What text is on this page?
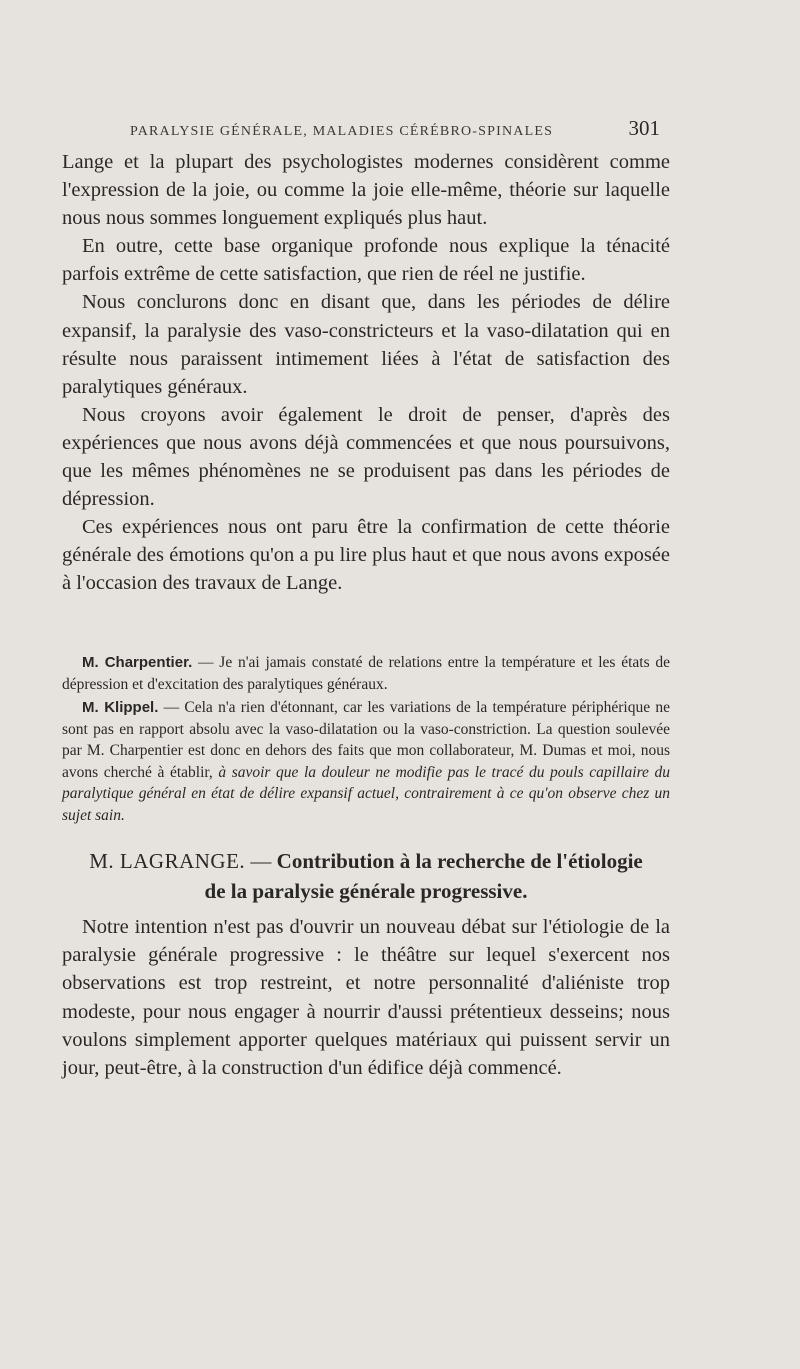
PARALYSIE GÉNÉRALE, MALADIES CÉRÉBRO-SPINALES	301

Lange et la plupart des psychologistes modernes considèrent comme l'expression de la joie, ou comme la joie elle-même, théorie sur laquelle nous nous sommes longuement expliqués plus haut.

En outre, cette base organique profonde nous explique la ténacité parfois extrême de cette satisfaction, que rien de réel ne justifie.

Nous conclurons donc en disant que, dans les périodes de délire expansif, la paralysie des vaso-constricteurs et la vaso-dilatation qui en résulte nous paraissent intimement liées à l'état de satisfaction des paralytiques généraux.

Nous croyons avoir également le droit de penser, d'après des expériences que nous avons déjà commencées et que nous poursuivons, que les mêmes phénomènes ne se produisent pas dans les périodes de dépression.

Ces expériences nous ont paru être la confirmation de cette théorie générale des émotions qu'on a pu lire plus haut et que nous avons exposée à l'occasion des travaux de Lange.

M. Charpentier. — Je n'ai jamais constaté de relations entre la température et les états de dépression et d'excitation des paralytiques généraux.

M. Klippel. — Cela n'a rien d'étonnant, car les variations de la température périphérique ne sont pas en rapport absolu avec la vaso-dilatation ou la vaso-constriction. La question soulevée par M. Charpentier est donc en dehors des faits que mon collaborateur, M. Dumas et moi, nous avons cherché à établir, à savoir que la douleur ne modifie pas le tracé du pouls capillaire du paralytique général en état de délire expansif actuel, contrairement à ce qu'on observe chez un sujet sain.

M. LAGRANGE. — Contribution à la recherche de l'étiologie
de la paralysie générale progressive.

Notre intention n'est pas d'ouvrir un nouveau débat sur l'étiologie de la paralysie générale progressive : le théâtre sur lequel s'exercent nos observations est trop restreint, et notre personnalité d'aliéniste trop modeste, pour nous engager à nourrir d'aussi prétentieux desseins; nous voulons simplement apporter quelques matériaux qui puissent servir un jour, peut-être, à la construction d'un édifice déjà commencé.
